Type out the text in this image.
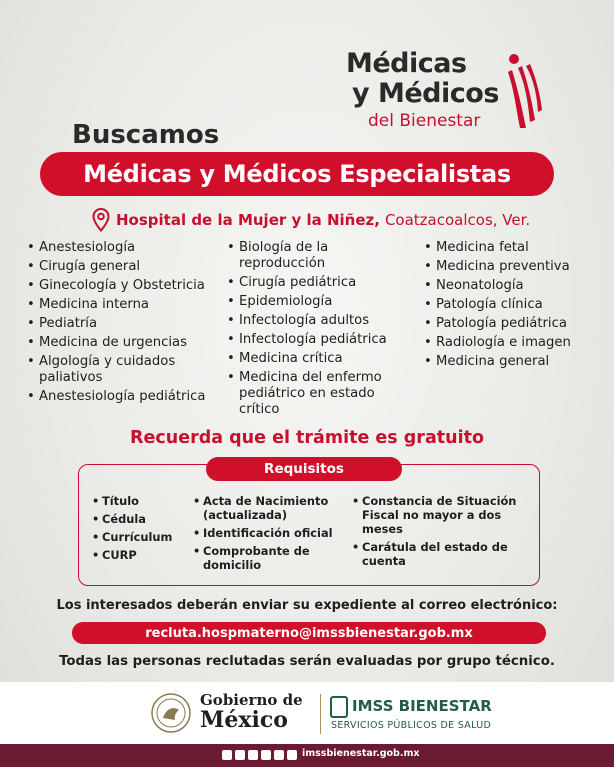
Médicas
y Médicos
del Bienestar
Buscamos
Médicas y Médicos Especialistas
Hospital de la Mujer y la Niñez, Coatzacoalcos, Ver.
• Anestesiología
• Cirugía general
• Ginecología y Obstetricia
• Medicina interna
• Pediatría
• Medicina de urgencias
• Algología y cuidados paliativos
• Anestesiología pediátrica
• Biología de la reproducción
• Cirugía pediátrica
• Epidemiología
• Infectología adultos
• Infectología pediátrica
• Medicina crítica
• Medicina del enfermo pediátrico en estado crítico
• Medicina fetal
• Medicina preventiva
• Neonatología
• Patología clínica
• Patología pediátrica
• Radiología e imagen
• Medicina general
Recuerda que el trámite es gratuito
Requisitos
• Título
• Cédula
• Currículum
• CURP
• Acta de Nacimiento (actualizada)
• Identificación oficial
• Comprobante de domicilio
• Constancia de Situación Fiscal no mayor a dos meses
• Carátula del estado de cuenta
Los interesados deberán enviar su expediente al correo electrónico:
recluta.hospmaterno@imssbienestar.gob.mx
Todas las personas reclutadas serán evaluadas por grupo técnico.
Gobierno de
México
IMSS BIENESTAR
SERVICIOS PÚBLICOS DE SALUD
imssbienestar.gob.mx
